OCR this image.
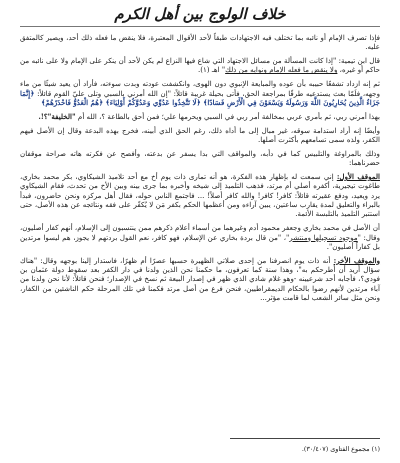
خلاف الولوج بين أهل الكرم

فإذا تصرف الإمام أو نائبه بما تختلف فيه الاجتهادات طبقاً لأحد الأقوال المعتبرة، فلا ينقض ما فعله ذلك أحد، ويصير كالمتفق عليه.

قال ابن تيمية: "إذا كانت المسألة من مسائل الاجتهاد التي شاع فيها النزاع لم يكن لأحد أن ينكر على الإمام ولا على نائبه من حاكم أو غيره، ولا ينقض ما فعله الإمام ونوابه من ذلك" اهـ (١).

ثم إنه ازداد تشفعًا حبيبه بأن عوده والمبايعة الإنبوي دون الهوى، وانكشفت عودته وبدت سوءته، فأراد أن يعيد شيئًا من ماء وجهه، فلَمّا بعث يستدعيه طرقًا بمراجعة الحق، فأتى بحيلة غريبة قائلاً: "إن الله أمرني بالسبي وتلى عليّ القوم قائلاً: ﴿إِنَّمَا جَزَاءُ الَّذِينَ يُحَارِبُونَ اللَّهَ وَرَسُولَهُ وَيَسْعَوْنَ فِي الْأَرْضِ فَسَادًا﴾ ﴿لَا تَتَّخِذُوا عَدُوِّي وَعَدُوَّكُمْ أَوْلِيَاءَ﴾ ﴿هُمُ الْعَدُوُّ فَاحْذَرْهُمْ﴾

بهذا أمرني ربي، ثم بأمري عربي بمخالفة أمر ربي في السبي ويحرمها علي؛ فمن أحق بالطاعة ؟، الله أم "الخليفة"؟!.

وأيضًا إنه أراد استدامة سوقه، غير مبال إلى ما أداه ذلك، رغم الحق الذي أبينه، فخرج بهذه البدعة وقال إن الأصل فيهم الكفر، ولذه سمى تسامعهم بأكثرت أصلها.

وذلك بالمراوغة والتلبيس كما في دأبه، والمواقف التي بدا يسفر عن بدعته، وأفصح عن فكرته هاته صراحة موقفان حضرناهما:

الموقف الأول: إني سمعت له بإظهار هذه الفكرة، هو أنه تمارى ذات يوم أخ مع أحد تلاميذ الشيكاوي، بكر محمد بخاري، طاغوت تيجيرية، أكفره أصلي أم مرتد، فذهب التلميذ إلى شيخه وأخبره بما جرى بينه وبين الأخ من تحدث، فقام الشيكاوي يرد ويعيد، ودفع عقيرته قائلاً: كافر! كافر! والله كافر أصلاً! ... فاجتمع الناس حوله، فقال أهل مركزه ونحن حاضرون، فبدأ بالبراء والتعليق لمدة يقارب ساعتين، يبين آراءه ومن أعظمها الحكم بكفر مَن لا يُكفّر على فقه ونتائجه عن هذه الأصل، حتى استتبر التلميذ بالتلبسة الأئمة.

أن الأصل في محمد بخاري وجعفر محمود أدم وغيرهما من أسماء أعلام ذكرهم ممن ينتسبون إلى الإسلام، أنهم كفار أصليون، وقال: "موجود تسجيلها ومنتشر"، "من قال بردة بخاري عن الإسلام، فهو كافر، نعم القول بردتهم لا يجوز، هم ليسوا مرتدين بل كفاراً أصليون".

والموقف الأخر: أنه ذات يوم انصرفنا من إحدى صلاتي الظهيرة حسبها عصرًا أم ظهرًا، فاستدار إلينا بوجهه وقال: "هناك سؤال أريد أن أطرحكم به"، وهذا سنة كما تعرفون، ما حكمنا نحن الذين ولدنا في دار الكفر بعد سقوط دولة عثمان بن فودي؟، فأجابه أحد شرعيينه -وهو غلام شادي الذي ظهر في إصدار البيعة ثم نسخ في الإصدار؛ فنحن قائلاً: لأنا نحن ولدنا من آباء مرتدين لأنهم رضوا بالحكام الديمقراطيين، فنحن فرع من أصل مرتد فكمنا في تلك المرحلة حكم الناشئين من الكفار، ونحن مثل سائر الشعب لما قامت مؤثر...

(١) مجموع الفتاوى (٣٠/٤٠٧).
